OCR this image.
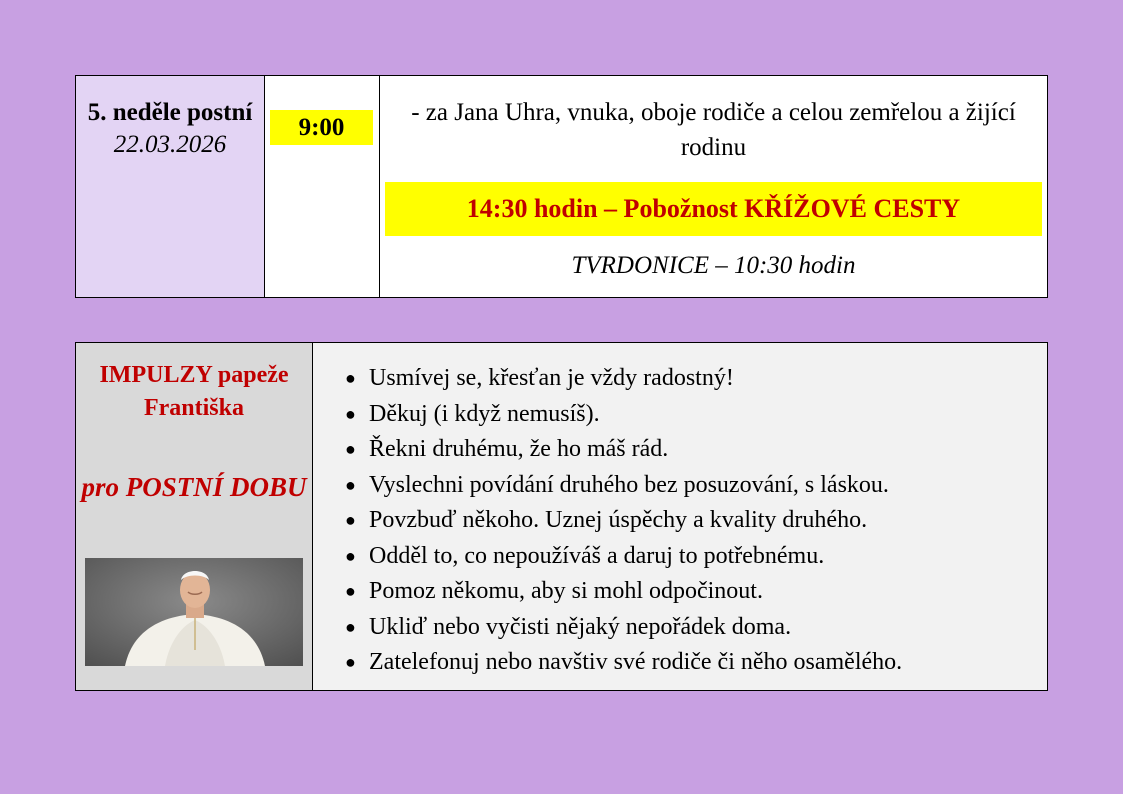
5. neděle postní
22.03.2026
9:00
- za Jana Uhra, vnuka, oboje rodiče a celou zemřelou a žijící rodinu
14:30 hodin – Pobožnost KŘÍŽOVÉ CESTY
TVRDONICE – 10:30 hodin
IMPULZY papeže Františka
pro POSTNÍ DOBU
● Usmívej se, křesťan je vždy radostný!
● Děkuj (i když nemusíš).
● Řekni druhému, že ho máš rád.
● Vyslechni povídání druhého bez posuzování, s láskou.
● Povzbuď někoho. Uznej úspěchy a kvality druhého.
● Odděl to, co nepoužíváš a daruj to potřebnému.
● Pomoz někomu, aby si mohl odpočinout.
● Ukliď nebo vyčisti nějaký nepořádek doma.
● Zatelefonuj nebo navštiv své rodiče či něho osamělého.
